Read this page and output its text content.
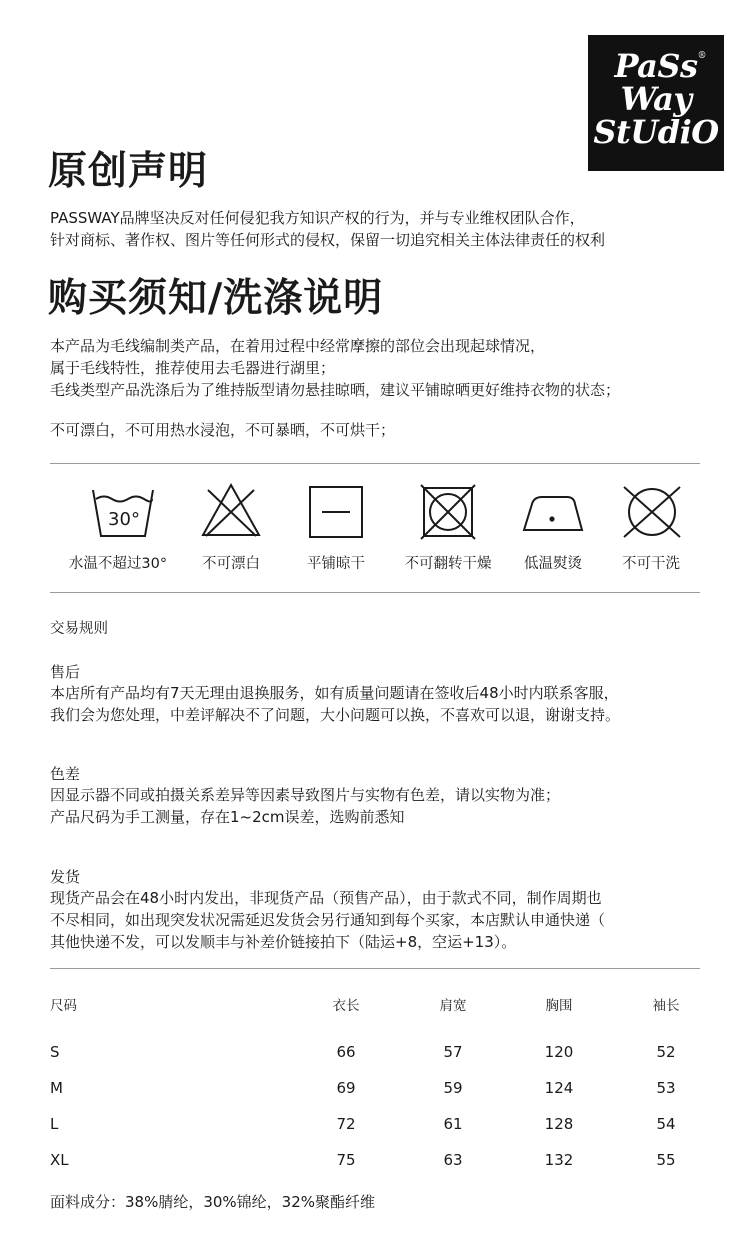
PaSs
Way
StUdiO
®
原创声明
PASSWAY品牌坚决反对任何侵犯我方知识产权的行为，并与专业维权团队合作，
针对商标、著作权、图片等任何形式的侵权，保留一切追究相关主体法律责任的权利
购买须知/洗涤说明
本产品为毛线编制类产品，在着用过程中经常摩擦的部位会出现起球情况，
属于毛线特性，推荐使用去毛器进行湖里；
毛线类型产品洗涤后为了维持版型请勿悬挂晾晒，建议平铺晾晒更好维持衣物的状态；
不可漂白，不可用热水浸泡，不可暴晒，不可烘干；
30°
水温不超过30°	不可漂白	平铺晾干	不可翻转干燥	低温熨烫	不可干洗
交易规则
售后
本店所有产品均有7天无理由退换服务，如有质量问题请在签收后48小时内联系客服，
我们会为您处理，中差评解决不了问题，大小问题可以换，不喜欢可以退，谢谢支持。
色差
因显示器不同或拍摄关系差异等因素导致图片与实物有色差，请以实物为准；
产品尺码为手工测量，存在1~2cm误差，选购前悉知
发货
现货产品会在48小时内发出，非现货产品（预售产品），由于款式不同，制作周期也
不尽相同，如出现突发状况需延迟发货会另行通知到每个买家，本店默认申通快递（
其他快递不发，可以发顺丰与补差价链接拍下（陆运+8，空运+13）。
尺码	衣长	肩宽	胸围	袖长
S	66	57	120	52
M	69	59	124	53
L	72	61	128	54
XL	75	63	132	55
面料成分：38%腈纶，30%锦纶，32%聚酯纤维
